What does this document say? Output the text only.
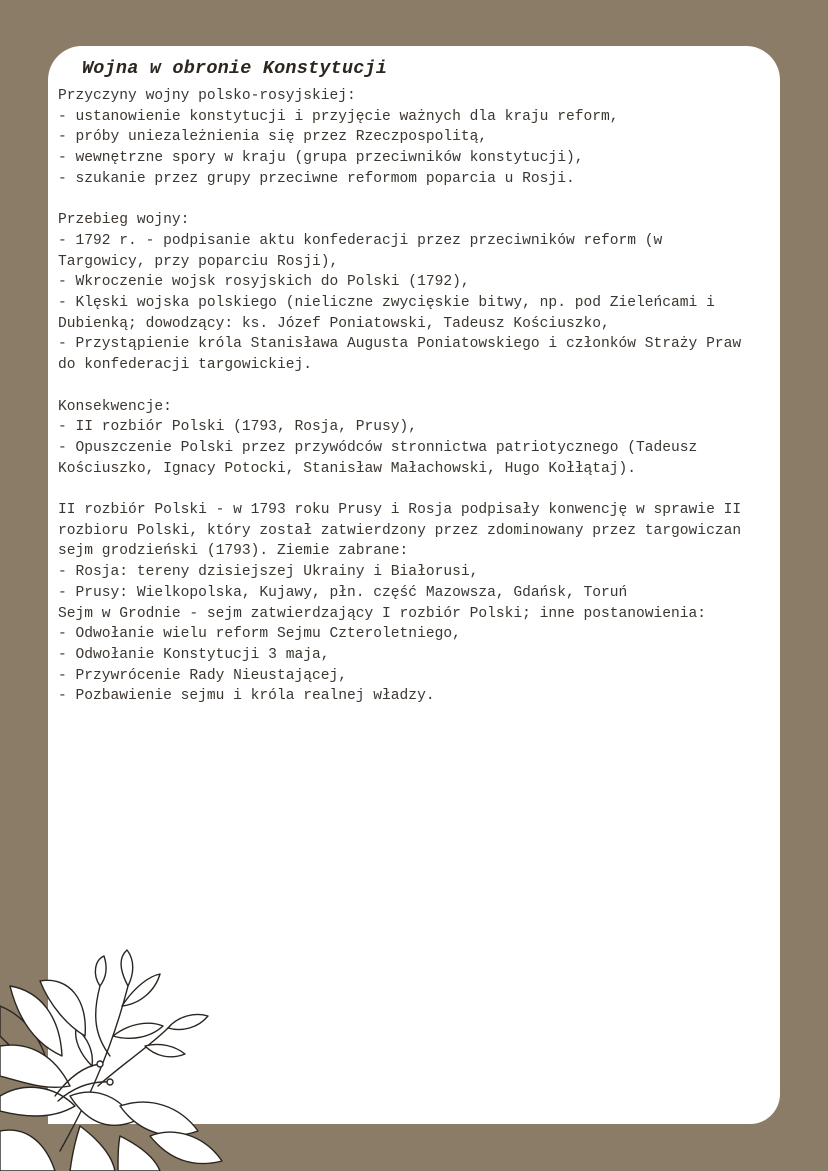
Wojna w obronie Konstytucji
Przyczyny wojny polsko-rosyjskiej:
- ustanowienie konstytucji i przyjęcie ważnych dla kraju reform,
- próby uniezależnienia się przez Rzeczpospolitą,
- wewnętrzne spory w kraju (grupa przeciwników konstytucji),
- szukanie przez grupy przeciwne reformom poparcia u Rosji.
Przebieg wojny:
- 1792 r. - podpisanie aktu konfederacji przez przeciwników reform (w
Targowicy, przy poparciu Rosji),
- Wkroczenie wojsk rosyjskich do Polski (1792),
- Klęski wojska polskiego (nieliczne zwycięskie bitwy, np. pod Zieleńcami i
Dubienką; dowodzący: ks. Józef Poniatowski, Tadeusz Kościuszko,
- Przystąpienie króla Stanisława Augusta Poniatowskiego i członków Straży Praw
do konfederacji targowickiej.
Konsekwencje:
- II rozbiór Polski (1793, Rosja, Prusy),
- Opuszczenie Polski przez przywódców stronnictwa patriotycznego (Tadeusz
Kościuszko, Ignacy Potocki, Stanisław Małachowski, Hugo Kołłątaj).
II rozbiór Polski - w 1793 roku Prusy i Rosja podpisały konwencję w sprawie II
rozbioru Polski, który został zatwierdzony przez zdominowany przez targowiczan
sejm grodzieński (1793). Ziemie zabrane:
- Rosja: tereny dzisiejszej Ukrainy i Białorusi,
- Prusy: Wielkopolska, Kujawy, płn. część Mazowsza, Gdańsk, Toruń
Sejm w Grodnie - sejm zatwierdzający I rozbiór Polski; inne postanowienia:
- Odwołanie wielu reform Sejmu Czteroletniego,
- Odwołanie Konstytucji 3 maja,
- Przywrócenie Rady Nieustającej,
- Pozbawienie sejmu i króla realnej władzy.
